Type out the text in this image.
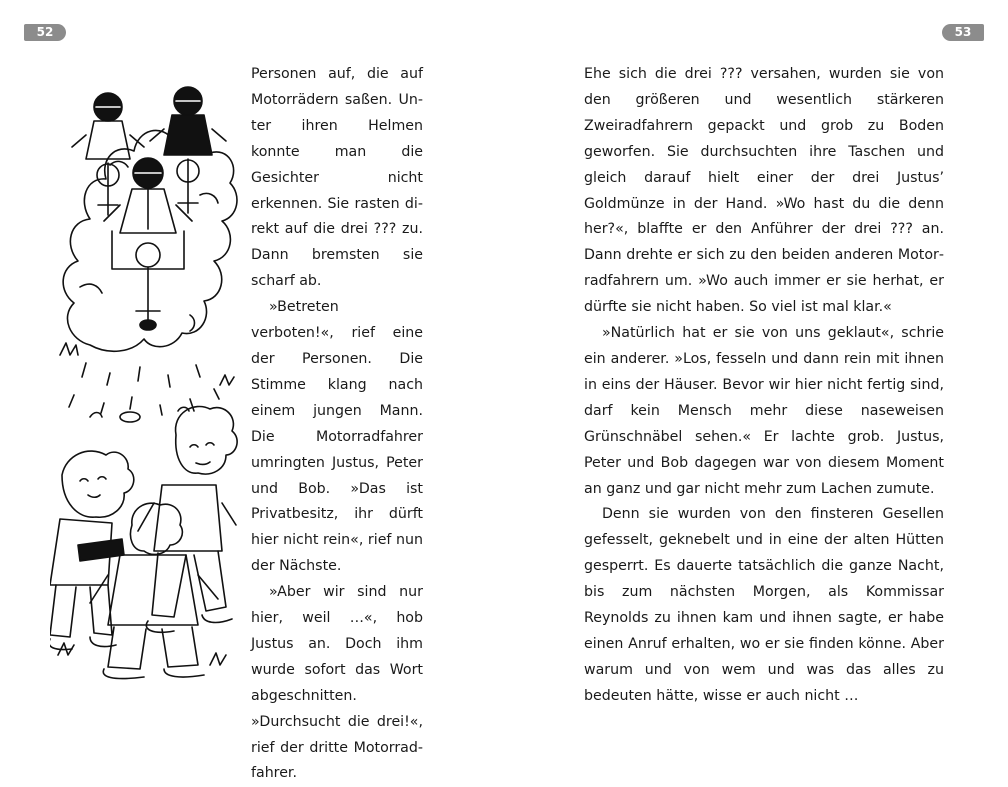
52	53

Personen auf, die auf Motorrädern saßen. Unter ihren Helmen konnte man die Gesichter nicht erkennen. Sie rasten direkt auf die drei ??? zu. Dann bremsten sie scharf ab.

»Betreten verboten!«, rief eine der Personen. Die Stimme klang nach einem jungen Mann. Die Motorradfahrer umringten Justus, Peter und Bob. »Das ist Privatbesitz, ihr dürft hier nicht rein«, rief nun der Nächste.

»Aber wir sind nur hier, weil …«, hob Justus an. Doch ihm wurde sofort das Wort abgeschnitten. »Durchsucht die drei!«, rief der dritte Motorradfahrer.

Ehe sich die drei ??? versahen, wurden sie von den größeren und wesentlich stärkeren Zweiradfahrern gepackt und grob zu Boden geworfen. Sie durchsuchten ihre Taschen und gleich darauf hielt einer der drei Justus’ Goldmünze in der Hand. »Wo hast du die denn her?«, blaffte er den Anführer der drei ??? an. Dann drehte er sich zu den beiden anderen Motorradfahrern um. »Wo auch immer er sie herhat, er dürfte sie nicht haben. So viel ist mal klar.«

»Natürlich hat er sie von uns geklaut«, schrie ein anderer. »Los, fesseln und dann rein mit ihnen in eins der Häuser. Bevor wir hier nicht fertig sind, darf kein Mensch mehr diese naseweisen Grünschnäbel sehen.« Er lachte grob. Justus, Peter und Bob dagegen war von diesem Moment an ganz und gar nicht mehr zum Lachen zumute.

Denn sie wurden von den finsteren Gesellen gefesselt, geknebelt und in eine der alten Hütten gesperrt. Es dauerte tatsächlich die ganze Nacht, bis zum nächsten Morgen, als Kommissar Reynolds zu ihnen kam und ihnen sagte, er habe einen Anruf erhalten, wo er sie finden könne. Aber warum und von wem und was das alles zu bedeuten hätte, wisse er auch nicht …
